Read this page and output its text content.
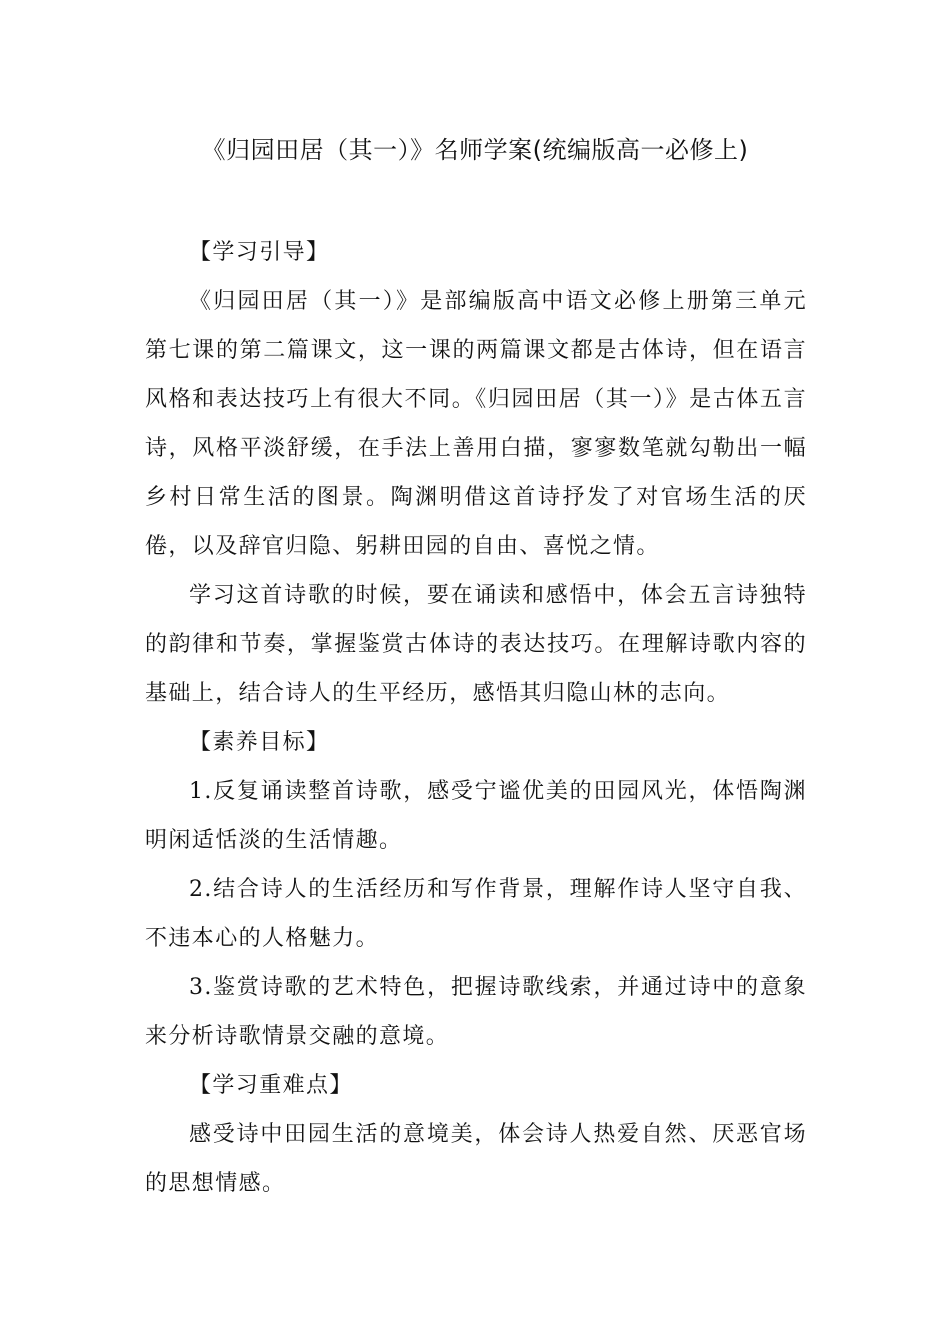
《归园田居（其一）》名师学案(统编版高一必修上)

【学习引导】

《归园田居（其一）》是部编版高中语文必修上册第三单元第七课的第二篇课文，这一课的两篇课文都是古体诗，但在语言风格和表达技巧上有很大不同。《归园田居（其一）》是古体五言诗，风格平淡舒缓，在手法上善用白描，寥寥数笔就勾勒出一幅乡村日常生活的图景。陶渊明借这首诗抒发了对官场生活的厌倦，以及辞官归隐、躬耕田园的自由、喜悦之情。

学习这首诗歌的时候，要在诵读和感悟中，体会五言诗独特的韵律和节奏，掌握鉴赏古体诗的表达技巧。在理解诗歌内容的基础上，结合诗人的生平经历，感悟其归隐山林的志向。

【素养目标】

1.反复诵读整首诗歌，感受宁谧优美的田园风光，体悟陶渊明闲适恬淡的生活情趣。

2.结合诗人的生活经历和写作背景，理解作诗人坚守自我、不违本心的人格魅力。

3.鉴赏诗歌的艺术特色，把握诗歌线索，并通过诗中的意象来分析诗歌情景交融的意境。

【学习重难点】

感受诗中田园生活的意境美，体会诗人热爱自然、厌恶官场的思想情感。
